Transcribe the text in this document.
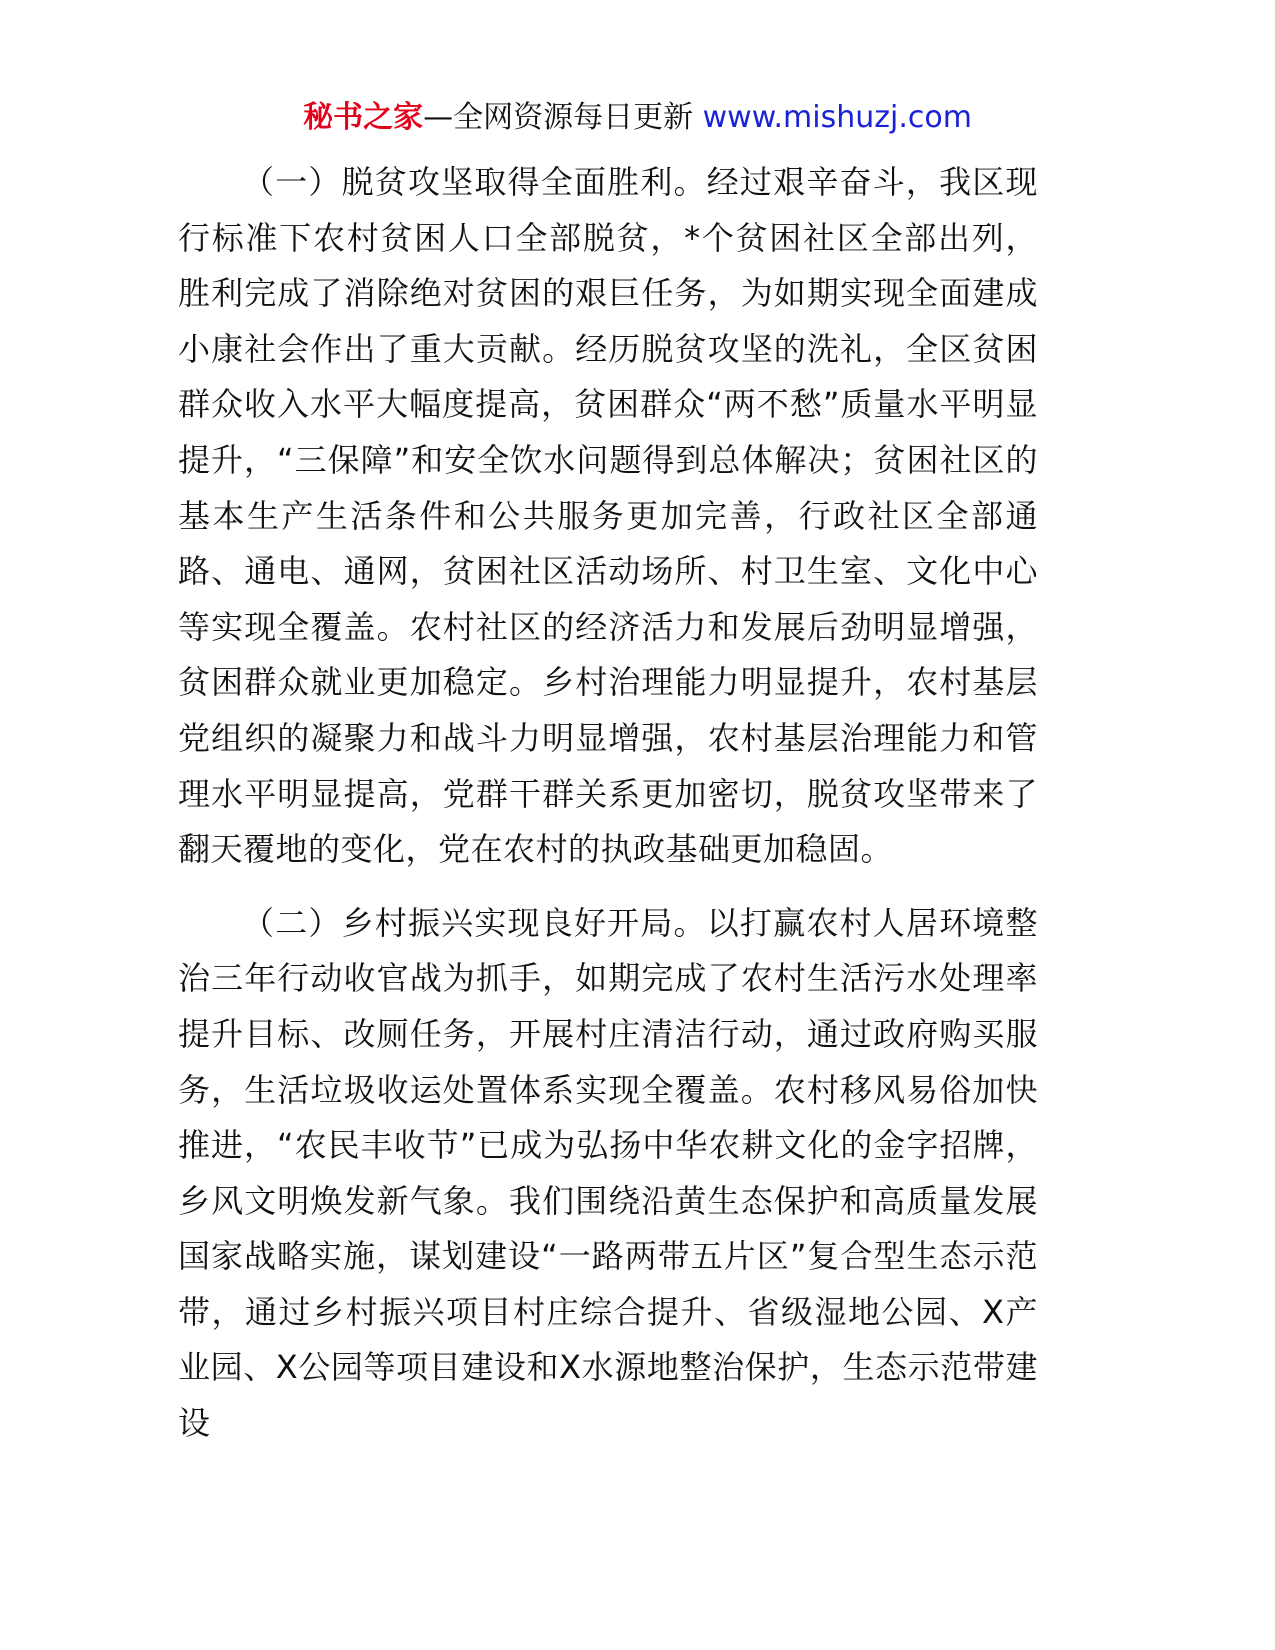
秘书之家—全网资源每日更新 www.mishuzj.com

（一）脱贫攻坚取得全面胜利。经过艰辛奋斗，我区现行标准下农村贫困人口全部脱贫，*个贫困社区全部出列，胜利完成了消除绝对贫困的艰巨任务，为如期实现全面建成小康社会作出了重大贡献。经历脱贫攻坚的洗礼，全区贫困群众收入水平大幅度提高，贫困群众“两不愁”质量水平明显提升，“三保障”和安全饮水问题得到总体解决；贫困社区的基本生产生活条件和公共服务更加完善，行政社区全部通路、通电、通网，贫困社区活动场所、村卫生室、文化中心等实现全覆盖。农村社区的经济活力和发展后劲明显增强，贫困群众就业更加稳定。乡村治理能力明显提升，农村基层党组织的凝聚力和战斗力明显增强，农村基层治理能力和管理水平明显提高，党群干群关系更加密切，脱贫攻坚带来了翻天覆地的变化，党在农村的执政基础更加稳固。

（二）乡村振兴实现良好开局。以打赢农村人居环境整治三年行动收官战为抓手，如期完成了农村生活污水处理率提升目标、改厕任务，开展村庄清洁行动，通过政府购买服务，生活垃圾收运处置体系实现全覆盖。农村移风易俗加快推进，“农民丰收节”已成为弘扬中华农耕文化的金字招牌，乡风文明焕发新气象。我们围绕沿黄生态保护和高质量发展国家战略实施，谋划建设“一路两带五片区”复合型生态示范带，通过乡村振兴项目村庄综合提升、省级湿地公园、X产业园、X公园等项目建设和X水源地整治保护，生态示范带建设
